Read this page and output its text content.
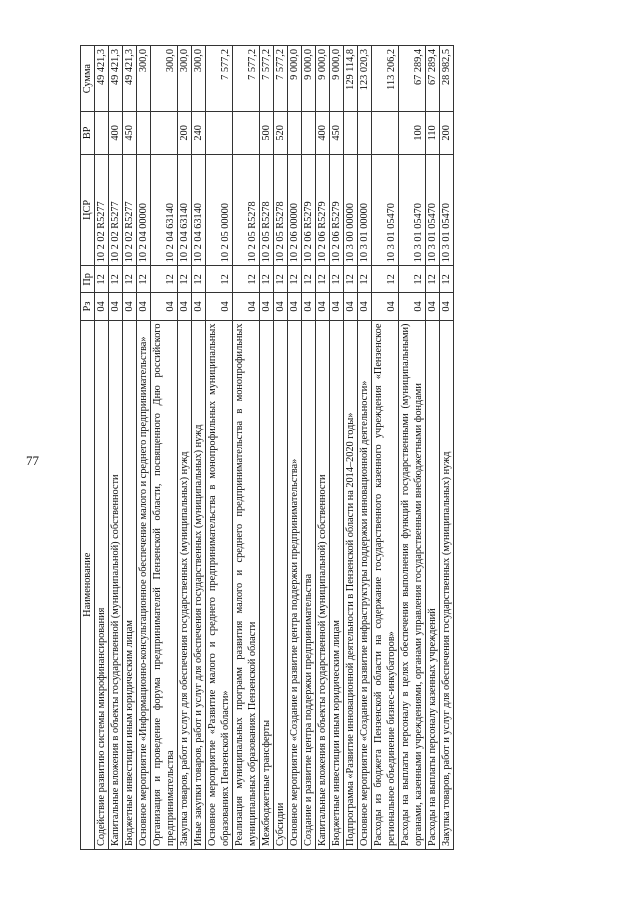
77
Наименование	Рз	Пр	ЦСР	ВР	Сумма
Содействие развитию системы микрофинансирования	04	12	10 2 02 R5277		49 421,3
Капитальные вложения в объекты государственной (муниципальной) собственности	04	12	10 2 02 R5277	400	49 421,3
Бюджетные инвестиции иным юридическим лицам	04	12	10 2 02 R5277	450	49 421,3
Основное мероприятие «Информационно-консультационное обеспечение малого и среднего предпринимательства»	04	12	10 2 04 00000		300,0
Организация и проведение форума предпринимателей Пензенской области, посвященного Дню российского предпринимательства	04	12	10 2 04 63140		300,0
Закупка товаров, работ и услуг для обеспечения государственных (муниципальных) нужд	04	12	10 2 04 63140	200	300,0
Иные закупки товаров, работ и услуг для обеспечения государственных (муниципальных) нужд	04	12	10 2 04 63140	240	300,0
Основное мероприятие «Развитие малого и среднего предпринимательства в монопрофильных муниципальных образованиях Пензенской области»	04	12	10 2 05 00000		7 577,2
Реализация муниципальных программ развития малого и среднего предпринимательства в монопрофильных муниципальных образованиях Пензенской области	04	12	10 2 05 R5278		7 577,2
Межбюджетные трансферты	04	12	10 2 05 R5278	500	7 577,2
Субсидии	04	12	10 2 05 R5278	520	7 577,2
Основное мероприятие «Создание и развитие центра поддержки предпринимательства»	04	12	10 2 06 00000		9 000,0
Создание и развитие центра поддержки предпринимательства	04	12	10 2 06 R5279		9 000,0
Капитальные вложения в объекты государственной (муниципальной) собственности	04	12	10 2 06 R5279	400	9 000,0
Бюджетные инвестиции иным юридическим лицам	04	12	10 2 06 R5279	450	9 000,0
Подпрограмма «Развитие инновационной деятельности в Пензенской области на 2014–2020 годы»	04	12	10 3 00 00000		129 114,8
Основное мероприятие «Создание и развитие инфраструктуры поддержки инновационной деятельности»	04	12	10 3 01 00000		123 020,3
Расходы из бюджета Пензенской области на содержание государственного казенного учреждения «Пензенское региональное объединение бизнес-инкубаторов»	04	12	10 3 01 05470		113 206,2
Расходы на выплаты персоналу в целях обеспечения выполнения функций государственными (муниципальными) органами, казенными учреждениями, органами управления государственными внебюджетными фондами	04	12	10 3 01 05470	100	67 289,4
Расходы на выплаты персоналу казенных учреждений	04	12	10 3 01 05470	110	67 289,4
Закупка товаров, работ и услуг для обеспечения государственных (муниципальных) нужд	04	12	10 3 01 05470	200	28 982,5
